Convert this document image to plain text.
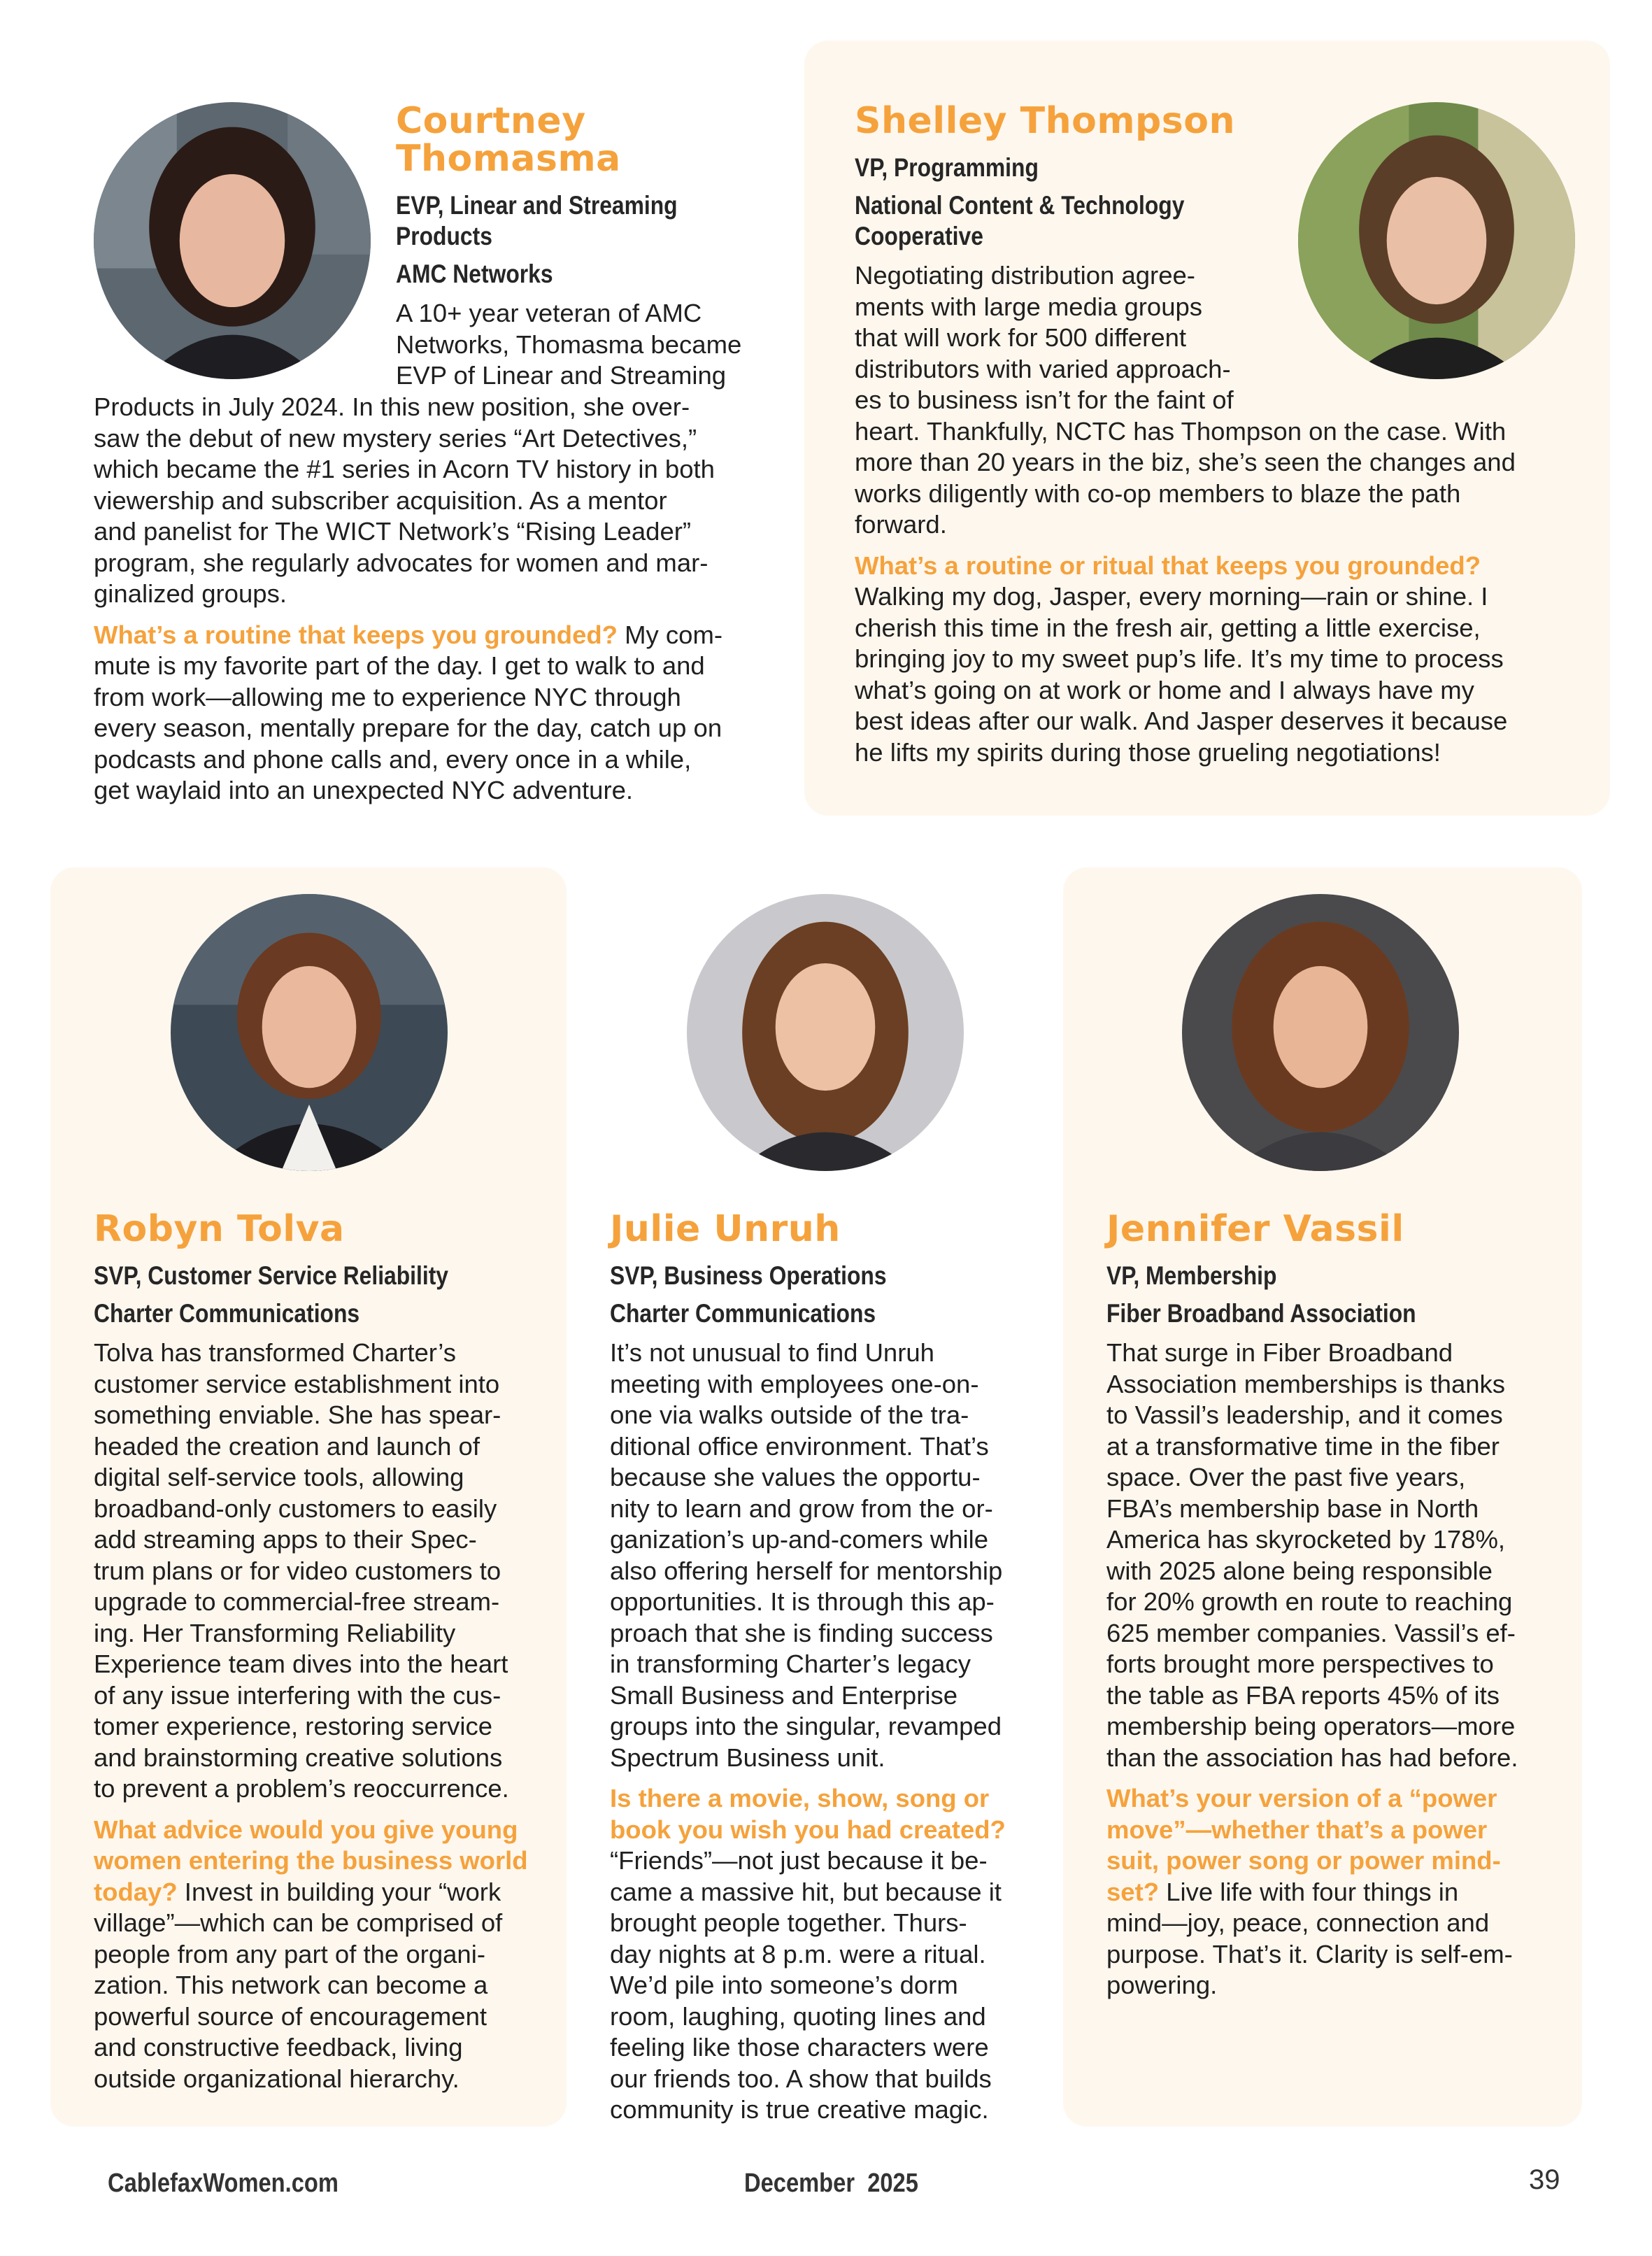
Courtney
Thomasma
EVP, Linear and Streaming
Products
AMC Networks

A 10+ year veteran of AMC

Networks, Thomasma became

EVP of Linear and Streaming

Products in July 2024. In this new position, she over-

saw the debut of new mystery series “Art Detectives,”

which became the #1 series in Acorn TV history in both

viewership and subscriber acquisition. As a mentor

and panelist for The WICT Network’s “Rising Leader”

program, she regularly advocates for women and mar-

ginalized groups.

What’s a routine that keeps you grounded? My com-

mute is my favorite part of the day. I get to walk to and

from work—allowing me to experience NYC through

every season, mentally prepare for the day, catch up on

podcasts and phone calls and, every once in a while,

get waylaid into an unexpected NYC adventure.

Shelley Thompson
VP, Programming
National Content & Technology
Cooperative

Negotiating distribution agree-

ments with large media groups

that will work for 500 different

distributors with varied approach-

es to business isn’t for the faint of

heart. Thankfully, NCTC has Thompson on the case. With

more than 20 years in the biz, she’s seen the changes and

works diligently with co-op members to blaze the path

forward.

What’s a routine or ritual that keeps you grounded?

Walking my dog, Jasper, every morning—rain or shine. I

cherish this time in the fresh air, getting a little exercise,

bringing joy to my sweet pup’s life. It’s my time to process

what’s going on at work or home and I always have my

best ideas after our walk. And Jasper deserves it because

he lifts my spirits during those grueling negotiations!

Robyn Tolva
SVP, Customer Service Reliability
Charter Communications

Tolva has transformed Charter’s

customer service establishment into

something enviable. She has spear-

headed the creation and launch of

digital self-service tools, allowing

broadband-only customers to easily

add streaming apps to their Spec-

trum plans or for video customers to

upgrade to commercial-free stream-

ing. Her Transforming Reliability

Experience team dives into the heart

of any issue interfering with the cus-

tomer experience, restoring service

and brainstorming creative solutions

to prevent a problem’s reoccurrence.

What advice would you give young

women entering the business world

today? Invest in building your “work

village”—which can be comprised of

people from any part of the organi-

zation. This network can become a

powerful source of encouragement

and constructive feedback, living

outside organizational hierarchy.

Julie Unruh
SVP, Business Operations
Charter Communications

It’s not unusual to find Unruh

meeting with employees one-on-

one via walks outside of the tra-

ditional office environment. That’s

because she values the opportu-

nity to learn and grow from the or-

ganization’s up-and-comers while

also offering herself for mentorship

opportunities. It is through this ap-

proach that she is finding success

in transforming Charter’s legacy

Small Business and Enterprise

groups into the singular, revamped

Spectrum Business unit.

Is there a movie, show, song or

book you wish you had created?

“Friends”—not just because it be-

came a massive hit, but because it

brought people together. Thurs-

day nights at 8 p.m. were a ritual.

We’d pile into someone’s dorm

room, laughing, quoting lines and

feeling like those characters were

our friends too. A show that builds

community is true creative magic.

Jennifer Vassil
VP, Membership
Fiber Broadband Association

That surge in Fiber Broadband

Association memberships is thanks

to Vassil’s leadership, and it comes

at a transformative time in the fiber

space. Over the past five years,

FBA’s membership base in North

America has skyrocketed by 178%,

with 2025 alone being responsible

for 20% growth en route to reaching

625 member companies. Vassil’s ef-

forts brought more perspectives to

the table as FBA reports 45% of its

membership being operators—more

than the association has had before.

What’s your version of a “power

move”—whether that’s a power

suit, power song or power mind-

set? Live life with four things in

mind—joy, peace, connection and

purpose. That’s it. Clarity is self-em-

powering.

CablefaxWomen.com	December  2025	39
